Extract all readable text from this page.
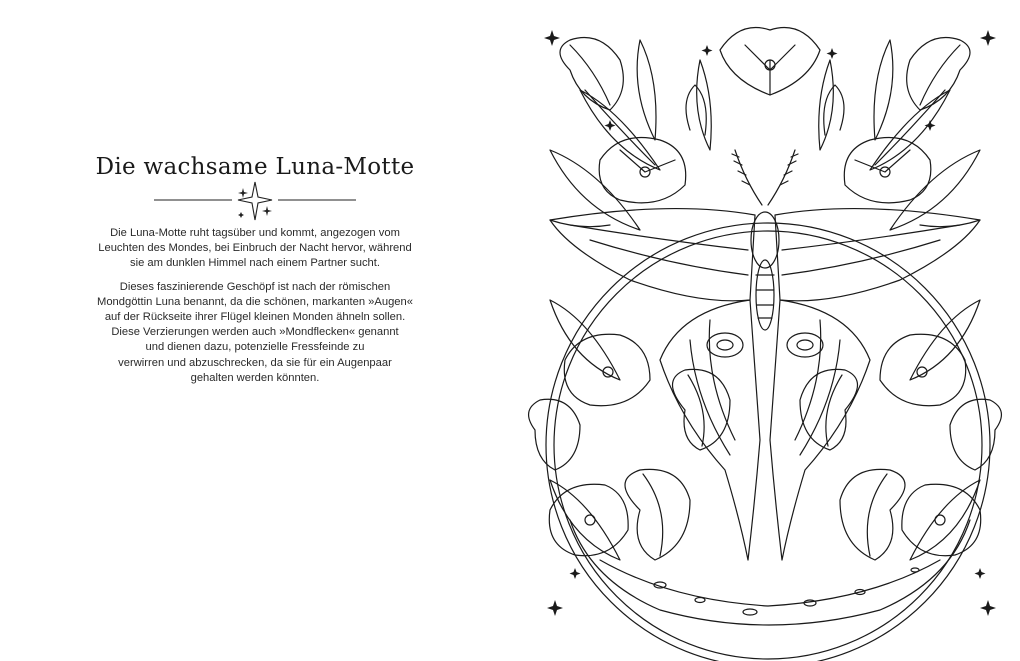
Die wachsame Luna-Motte

Die Luna-Motte ruht tagsüber und kommt, angezogen vom
Leuchten des Mondes, bei Einbruch der Nacht hervor, während
sie am dunklen Himmel nach einem Partner sucht.

Dieses faszinierende Geschöpf ist nach der römischen
Mondgöttin Luna benannt, da die schönen, markanten »Augen«
auf der Rückseite ihrer Flügel kleinen Monden ähneln sollen.
Diese Verzierungen werden auch »Mondflecken« genannt
und dienen dazu, potenzielle Fressfeinde zu
verwirren und abzuschrecken, da sie für ein Augenpaar
gehalten werden könnten.
